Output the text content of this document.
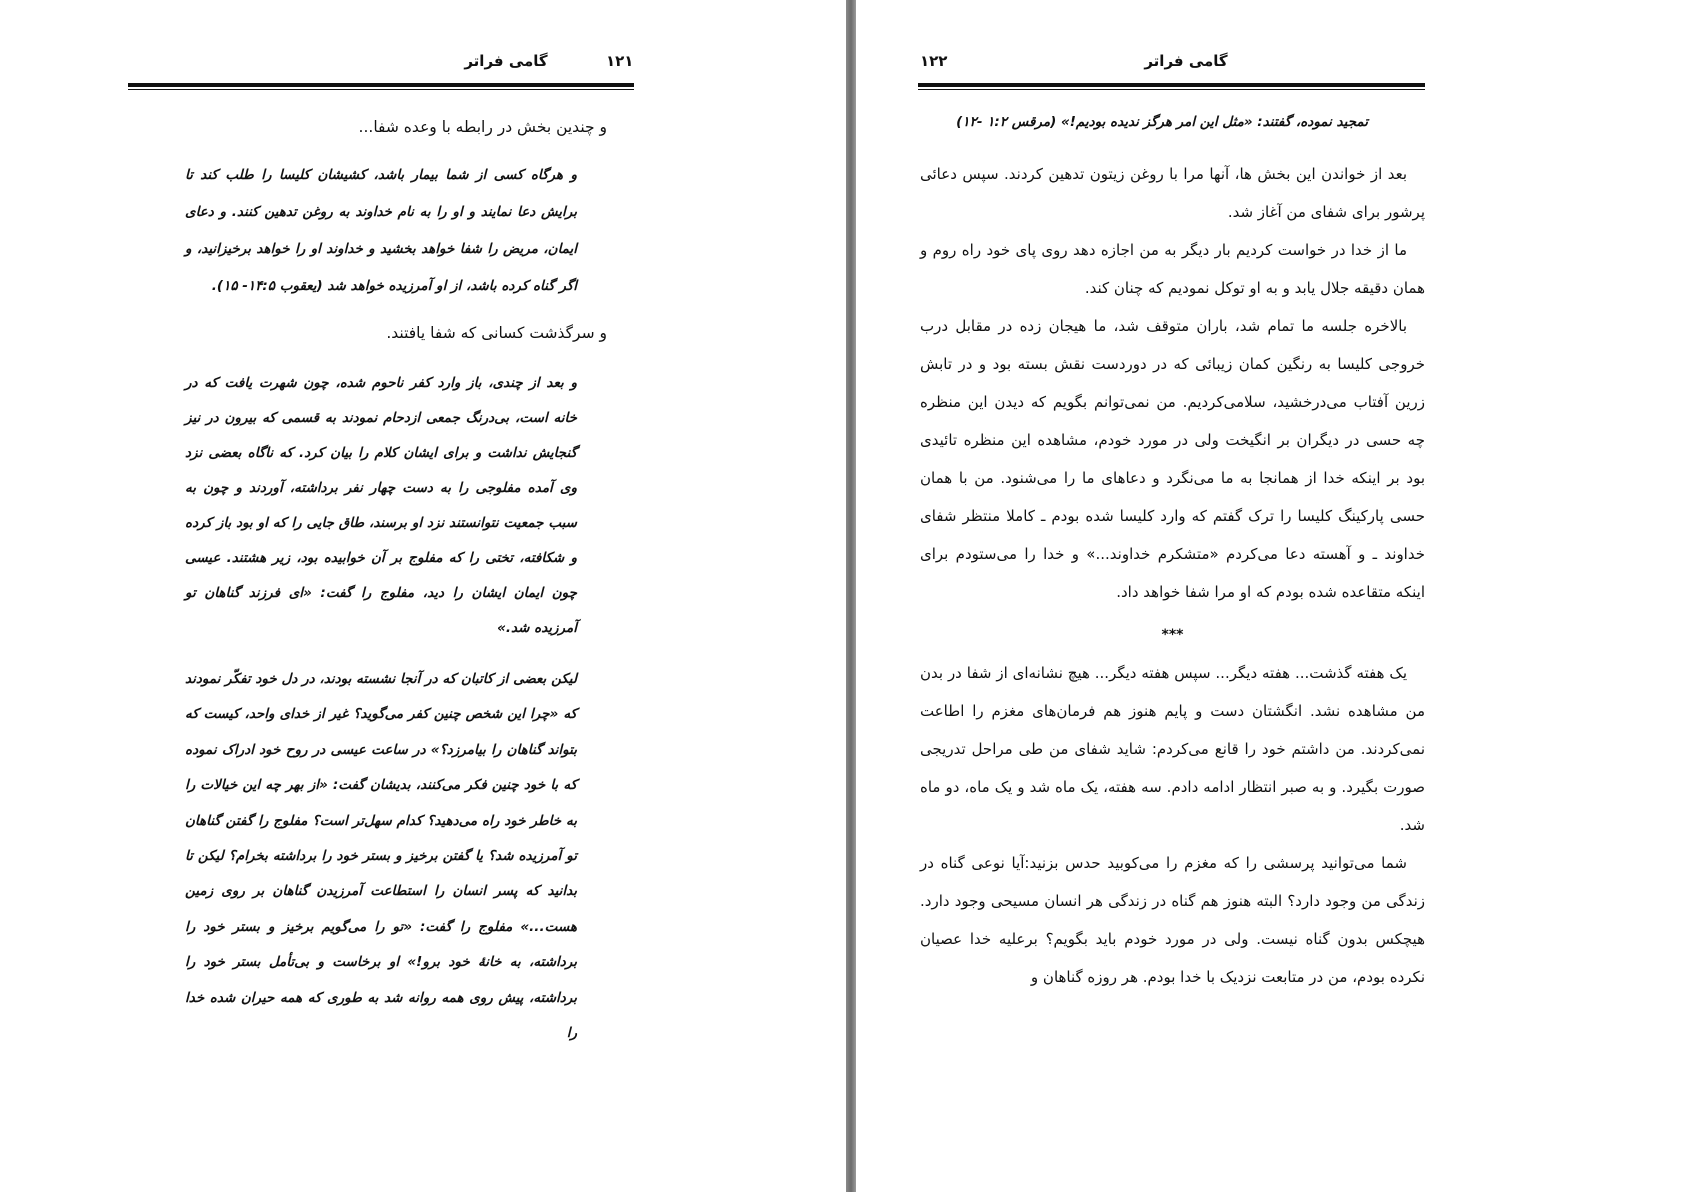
۱۲۱
گامی فراتر
و چندین بخش در رابطه با وعده شفا...
و هرگاه کسی از شما بیمار باشد، کشیشان کلیسا را طلب کند تا برایش دعا نمایند و او را به نام خداوند به روغن تدهین کنند. و دعای ایمان، مریض را شفا خواهد بخشید و خداوند او را خواهد برخیزانید، و اگر گناه کرده باشد، از او آمرزیده خواهد شد (یعقوب ۱۴:۵- ۱۵).
و سرگذشت کسانی که شفا یافتند.
و بعد از چندی، باز وارد کفر ناحوم شده، چون شهرت یافت که در خانه است، بی‌درنگ جمعی ازدحام نمودند به قسمی که بیرون در نیز گنجایش نداشت و برای ایشان کلام را بیان کرد. که ناگاه بعضی نزد وی آمده مفلوجی را به دست چهار نفر برداشته، آوردند و چون به سبب جمعیت نتوانستند نزد او برسند، طاق جایی را که او بود باز کرده و شکافته، تختی را که مفلوج بر آن خوابیده بود، زیر هشتند. عیسی چون ایمان ایشان را دید، مفلوج را گفت: «ای فرزند گناهان تو آمرزیده شد.»
لیکن بعضی از کاتبان که در آنجا نشسته بودند، در دل خود تفکّر نمودند که «چرا این شخص چنین کفر می‌گوید؟ غیر از خدای واحد، کیست که بتواند گناهان را بیامرزد؟» در ساعت عیسی در روح خود ادراک نموده که با خود چنین فکر می‌کنند، بدیشان گفت: «از بهر چه این خیالات را به خاطر خود راه می‌دهید؟ کدام سهل‌تر است؟ مفلوج را گفتن گناهان تو آمرزیده شد؟ یا گفتن برخیز و بستر خود را برداشته بخرام؟ لیکن تا بدانید که پسر انسان را استطاعت آمرزیدن گناهان بر روی زمین هست...» مفلوج را گفت: «تو را می‌گویم برخیز و بستر خود را برداشته، به خانهٔ خود برو!» او برخاست و بی‌تأمل بستر خود را برداشته، پیش روی همه روانه شد به طوری که همه حیران شده خدا را
۱۲۲	گامی فراتر
تمجید نموده، گفتند: «مثل این امر هرگز ندیده بودیم!» (مرقس ۱:۲ -۱۲)

بعد از خواندن این بخش ها، آنها مرا با روغن زیتون تدهین کردند. سپس دعائی پرشور برای شفای من آغاز شد.

ما از خدا در خواست کردیم بار دیگر به من اجازه دهد روی پای خود راه روم و همان دقیقه جلال یابد و به او توکل نمودیم که چنان کند.

بالاخره جلسه ما تمام شد، باران متوقف شد، ما هیجان زده در مقابل درب خروجی کلیسا به رنگین کمان زیبائی که در دوردست نقش بسته بود و در تابش زرین آفتاب می‌درخشید، سلامی‌کردیم. من نمی‌توانم بگویم که دیدن این منظره چه حسی در دیگران بر انگیخت ولی در مورد خودم، مشاهده این منظره تائیدی بود بر اینکه خدا از همانجا به ما می‌نگرد و دعاهای ما را می‌شنود. من با همان حسی پارکینگ کلیسا را ترک گفتم که وارد کلیسا شده بودم ـ کاملا منتظر شفای خداوند ـ و آهسته دعا می‌کردم «متشکرم خداوند...» و خدا را می‌ستودم برای اینکه متقاعده شده بودم که او مرا شفا خواهد داد.

***

یک هفته گذشت... هفته دیگر... سپس هفته دیگر... هیچ نشانه‌ای از شفا در بدن من مشاهده نشد. انگشتان دست و پایم هنوز هم فرمان‌های مغزم را اطاعت نمی‌کردند. من داشتم خود را قانع می‌کردم: شاید شفای من طی مراحل تدریجی صورت بگیرد. و به صبر انتظار ادامه دادم. سه هفته، یک ماه شد و یک ماه، دو ماه شد.

شما می‌توانید پرسشی را که مغزم را می‌کوبید حدس بزنید:آیا نوعی گناه در زندگی من وجود دارد؟ البته هنوز هم گناه در زندگی هر انسان مسیحی وجود دارد. هیچکس بدون گناه نیست. ولی در مورد خودم باید بگویم؟ برعلیه خدا عصیان نکرده بودم، من در متابعت نزدیک با خدا بودم. هر روزه گناهان و
